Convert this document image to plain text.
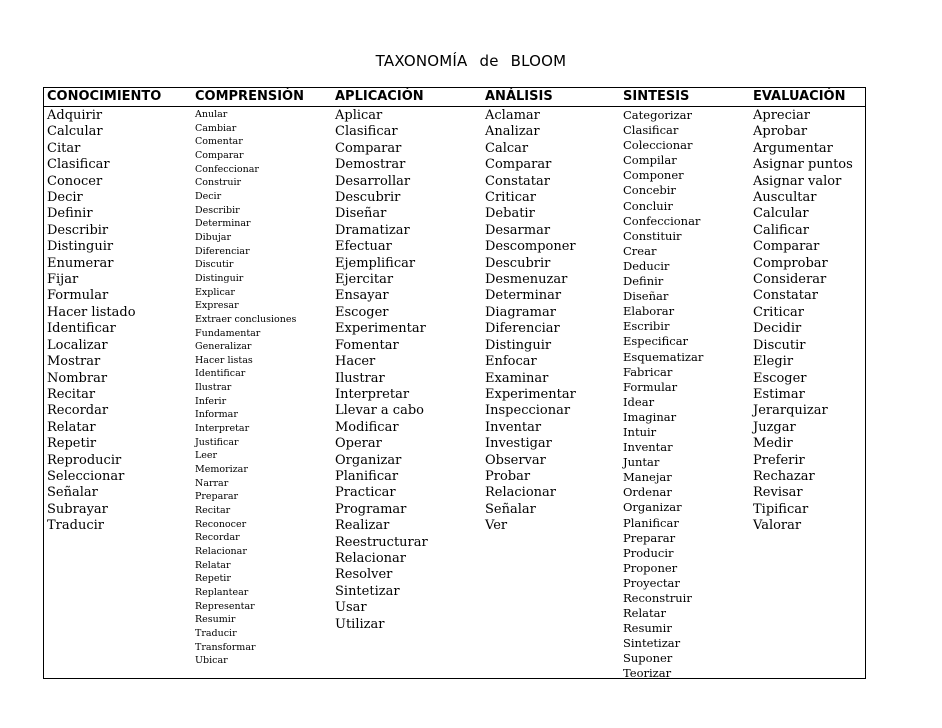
TAXONOMÍA de BLOOM
CONOCIMIENTO
Adquirir
Calcular
Citar
Clasificar
Conocer
Decir
Definir
Describir
Distinguir
Enumerar
Fijar
Formular
Hacer listado
Identificar
Localizar
Mostrar
Nombrar
Recitar
Recordar
Relatar
Repetir
Reproducir
Seleccionar
Señalar
Subrayar
Traducir
COMPRENSIÓN
Anular
Cambiar
Comentar
Comparar
Confeccionar
Construir
Decir
Describir
Determinar
Dibujar
Diferenciar
Discutir
Distinguir
Explicar
Expresar
Extraer conclusiones
Fundamentar
Generalizar
Hacer listas
Identificar
Ilustrar
Inferir
Informar
Interpretar
Justificar
Leer
Memorizar
Narrar
Preparar
Recitar
Reconocer
Recordar
Relacionar
Relatar
Repetir
Replantear
Representar
Resumir
Traducir
Transformar
Ubicar
APLICACIÓN
Aplicar
Clasificar
Comparar
Demostrar
Desarrollar
Descubrir
Diseñar
Dramatizar
Efectuar
Ejemplificar
Ejercitar
Ensayar
Escoger
Experimentar
Fomentar
Hacer
Ilustrar
Interpretar
Llevar a cabo
Modificar
Operar
Organizar
Planificar
Practicar
Programar
Realizar
Reestructurar
Relacionar
Resolver
Sintetizar
Usar
Utilizar
ANÁLISIS
Aclamar
Analizar
Calcar
Comparar
Constatar
Criticar
Debatir
Desarmar
Descomponer
Descubrir
Desmenuzar
Determinar
Diagramar
Diferenciar
Distinguir
Enfocar
Examinar
Experimentar
Inspeccionar
Inventar
Investigar
Observar
Probar
Relacionar
Señalar
Ver
SINTESIS
Categorizar
Clasificar
Coleccionar
Compilar
Componer
Concebir
Concluir
Confeccionar
Constituir
Crear
Deducir
Definir
Diseñar
Elaborar
Escribir
Especificar
Esquematizar
Fabricar
Formular
Idear
Imaginar
Intuir
Inventar
Juntar
Manejar
Ordenar
Organizar
Planificar
Preparar
Producir
Proponer
Proyectar
Reconstruir
Relatar
Resumir
Sintetizar
Suponer
Teorizar
EVALUACIÓN
Apreciar
Aprobar
Argumentar
Asignar puntos
Asignar valor
Auscultar
Calcular
Calificar
Comparar
Comprobar
Considerar
Constatar
Criticar
Decidir
Discutir
Elegir
Escoger
Estimar
Jerarquizar
Juzgar
Medir
Preferir
Rechazar
Revisar
Tipificar
Valorar
